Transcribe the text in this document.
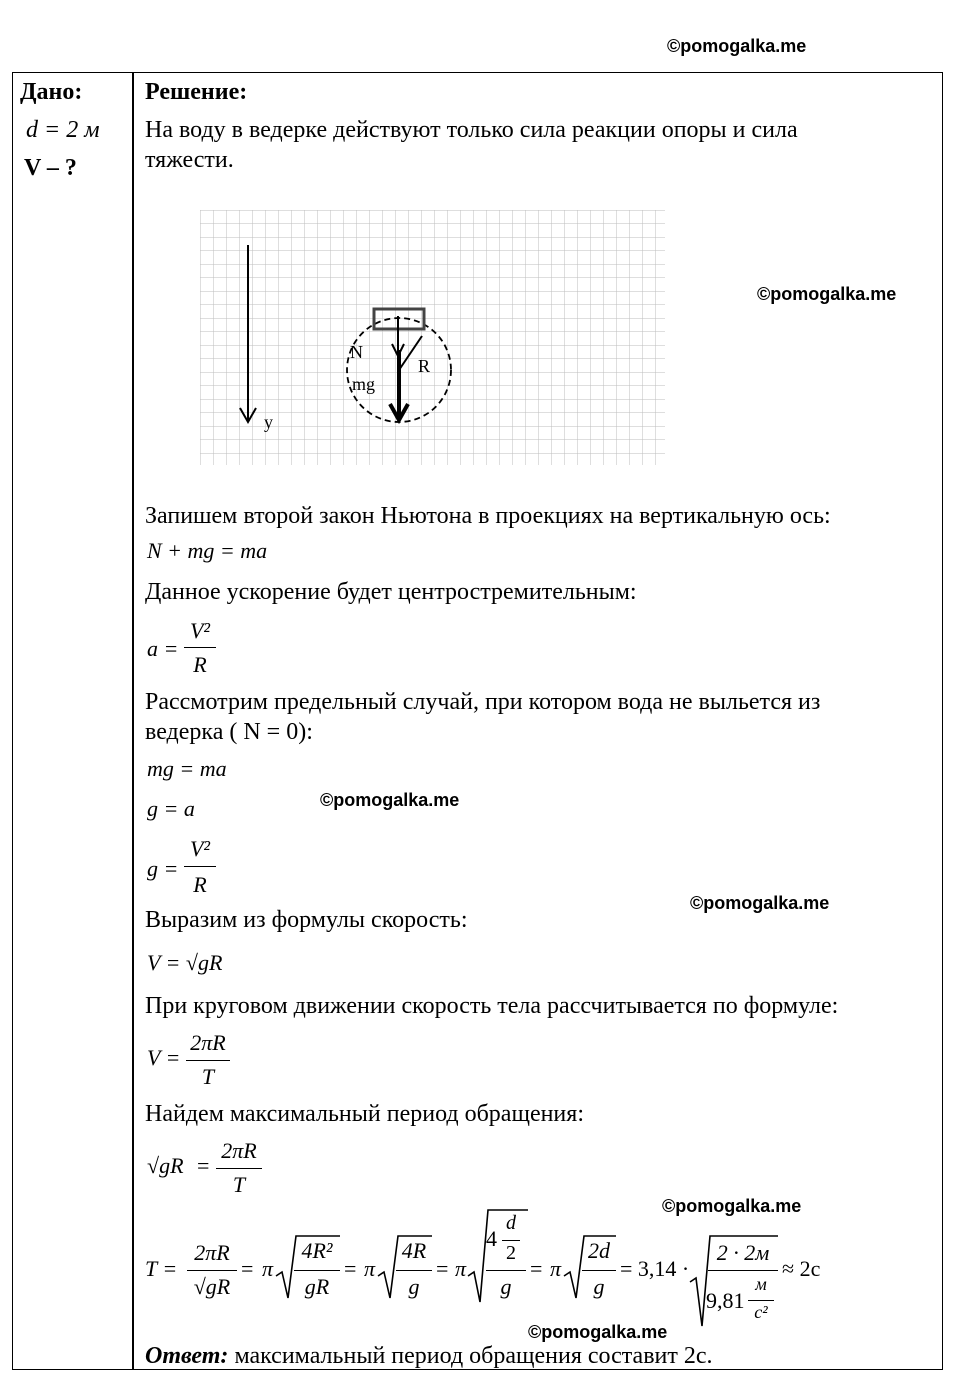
©pomogalka.me
©pomogalka.me
©pomogalka.me
©pomogalka.me
©pomogalka.me
©pomogalka.me
Дано:
d = 2 м
V – ?
Решение:
На воду в ведерке действуют только сила реакции опоры и сила
тяжести.
y
N
mg
R
Запишем второй закон Ньютона в проекциях на вертикальную ось:
N + mg = ma
Данное ускорение будет центростремительным:
a =
V²
R
Рассмотрим предельный случай, при котором вода не выльется из
ведерка ( N = 0):
mg = ma
g = a
g =
V²
R
Выразим из формулы скорость:
V = √gR
При круговом движении скорость тела рассчитывается по формуле:
V =
2πR
T
Найдем максимальный период обращения:
√gR =
2πR
T
T =
2πR
√gR
= π
4R²
gR
= π
4R
g
= π
4
d
2
g
= π
2d
g
= 3,14 ·
2 · 2м
9,81
м
с²
≈ 2с
Ответ: максимальный период обращения составит 2с.
